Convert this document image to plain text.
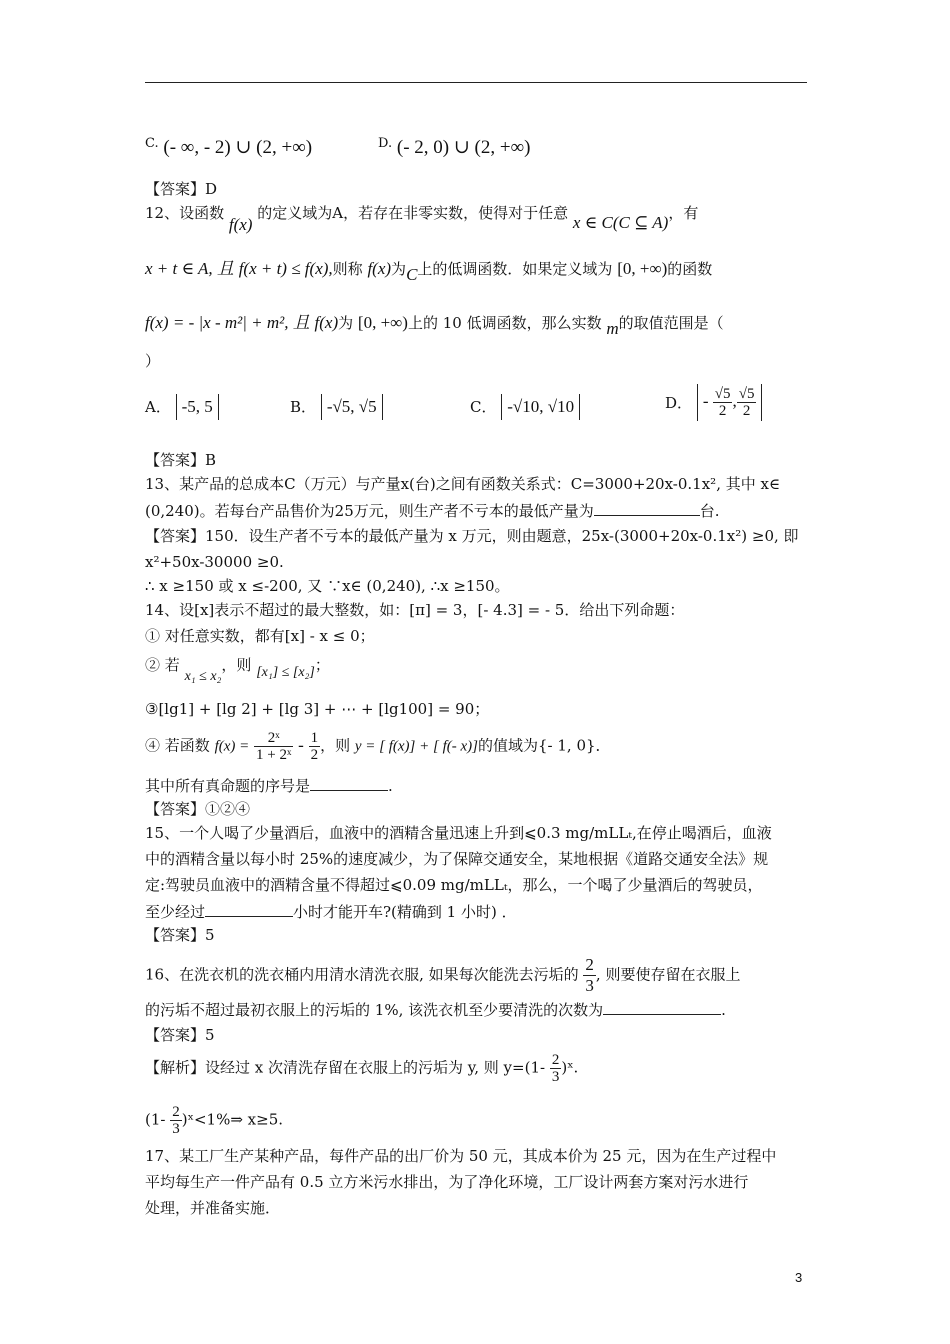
C. (- ∞, - 2) ∪ (2, +∞)	D. (- 2, 0) ∪ (2, +∞)
【答案】D
12、设函数 f(x) 的定义域为A，若存在非零实数，使得对于任意 x ∈ C(C ⊆ A)，有
x + t ∈ A, 且 f(x + t) ≤ f(x),则称 f(x)为C上的低调函数．如果定义域为 [0, +∞)的函数
f(x) = - |x - m²| + m², 且 f(x)为 [0, +∞)上的 10 低调函数，那么实数 m的取值范围是（
）
A． -5, 5	B． -√5, √5	C． -√10, √10	D． - $\frac{√5}{2}$ , $\frac{√5}{2}$
【答案】B
13、某产品的总成本C（万元）与产量x(台)之间有函数关系式：C=3000+20x-0.1x², 其中 x∈
(0,240)。若每台产品售价为25万元，则生产者不亏本的最低产量为	台.
【答案】150．设生产者不亏本的最低产量为 x 万元，则由题意，25x-(3000+20x-0.1x²) ≥0, 即
x²+50x-30000 ≥0.
∴ x ≥150 或 x ≤-200, 又 ∵x∈ (0,240), ∴x ≥150。
14、设[x]表示不超过的最大整数，如：[π] = 3，[- 4.3] = - 5．给出下列命题：
① 对任意实数，都有[x] - x ≤ 0；
② 若 x₁ ≤ x₂，则 [x₁] ≤ [x₂]；
③[lg1] + [lg 2] + [lg 3] + ⋯ + [lg100] = 90；
④ 若函数 $f(x) = \frac{\text{2ˣ}}{\text{1 + 2ˣ}} - \frac{1}{2}$ ，则 y = [ f(x)] + [ f(- x)]的值域为{- 1, 0}．
其中所有真命题的序号是	.
【答案】①②④
15、一个人喝了少量酒后，血液中的酒精含量迅速上升到⩽0.3 mg/mLLₜ,在停止喝酒后，血液
中的酒精含量以每小时 25%的速度减少，为了保障交通安全，某地根据《道路交通安全法》规
定:驾驶员血液中的酒精含量不得超过⩽0.09 mg/mLLₜ，那么，一个喝了少量酒后的驾驶员，
至少经过	小时才能开车?(精确到 1 小时) ．
【答案】5
16、在洗衣机的洗衣桶内用清水清洗衣服, 如果每次能洗去污垢的 $\frac{2}{3}$ , 则要使存留在衣服上
的污垢不超过最初衣服上的污垢的 1%, 该洗衣机至少要清洗的次数为	.
【答案】5
【解析】设经过 x 次清洗存留在衣服上的污垢为 y, 则 $y=(1- \frac{2}{3}$ )ˣ.
($1- \frac{2}{3}$ )ˣ<1%⇒ x≥5.
17、某工厂生产某种产品，每件产品的出厂价为 50 元，其成本价为 25 元，因为在生产过程中
平均每生产一件产品有 0.5 立方米污水排出，为了净化环境，工厂设计两套方案对污水进行
处理，并准备实施．
3
